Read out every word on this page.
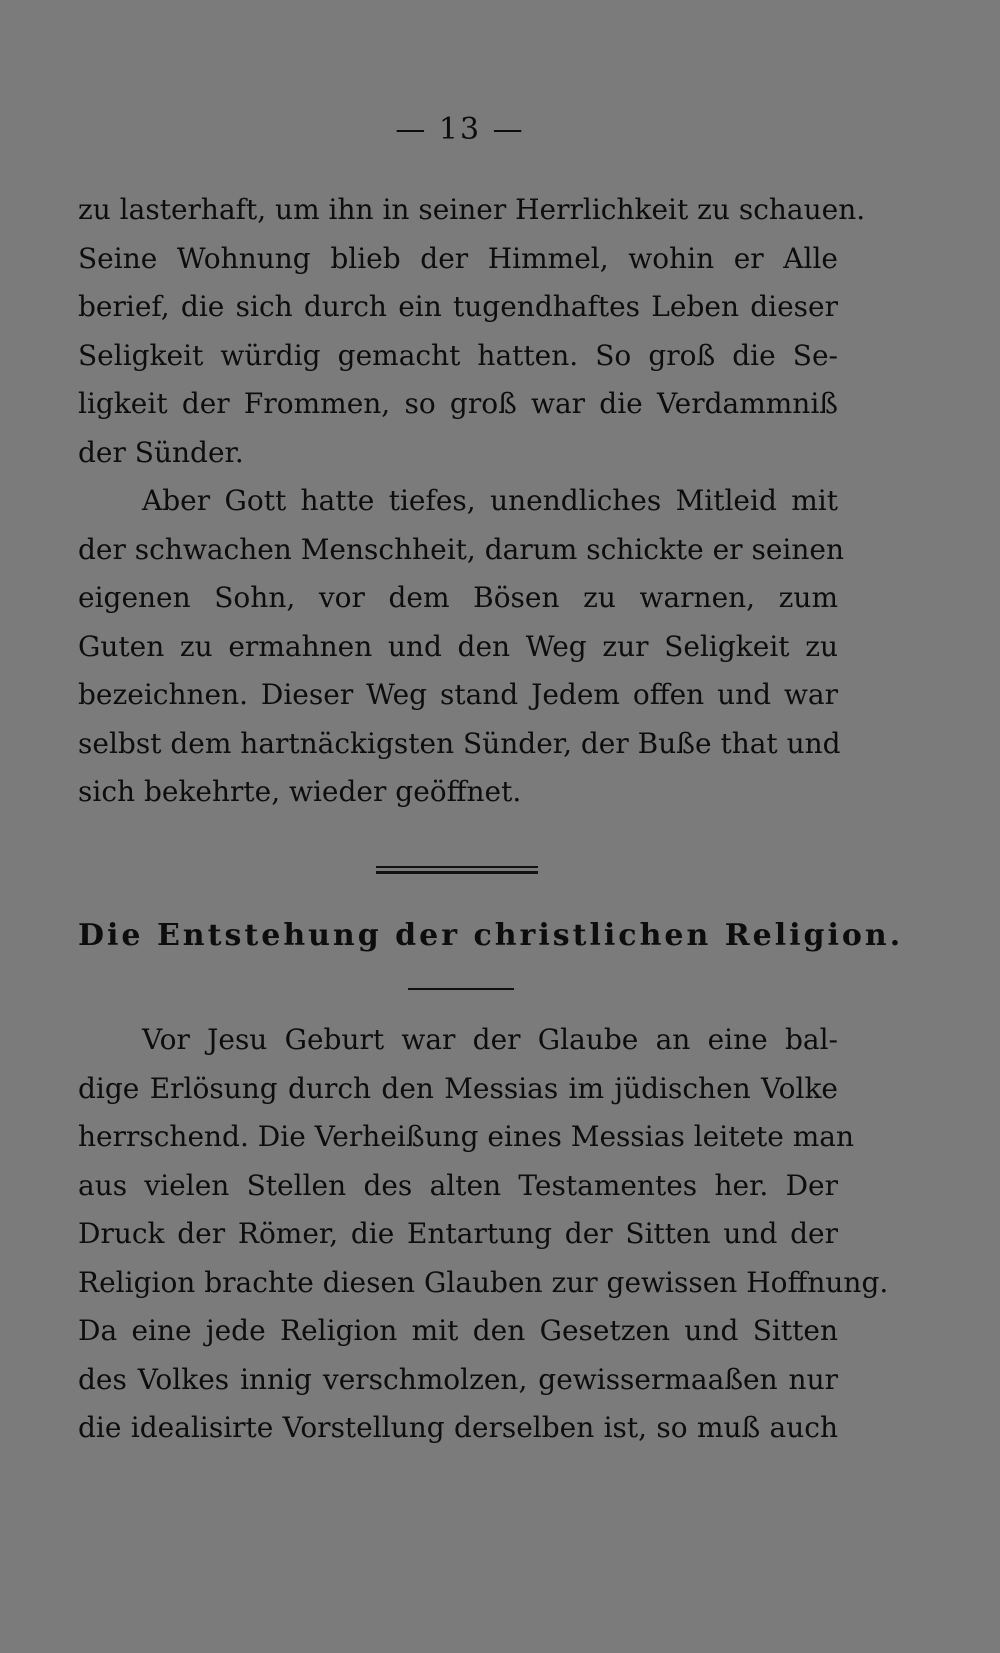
— 13 —
zu lasterhaft, um ihn in seiner Herrlichkeit zu schauen.
Seine Wohnung blieb der Himmel, wohin er Alle
berief, die sich durch ein tugendhaftes Leben dieser
Seligkeit würdig gemacht hatten. So groß die Se-
ligkeit der Frommen, so groß war die Verdammniß
der Sünder.
Aber Gott hatte tiefes, unendliches Mitleid mit
der schwachen Menschheit, darum schickte er seinen
eigenen Sohn, vor dem Bösen zu warnen, zum
Guten zu ermahnen und den Weg zur Seligkeit zu
bezeichnen. Dieser Weg stand Jedem offen und war
selbst dem hartnäckigsten Sünder, der Buße that und
sich bekehrte, wieder geöffnet.
Die Entstehung der christlichen Religion.
Vor Jesu Geburt war der Glaube an eine bal-
dige Erlösung durch den Messias im jüdischen Volke
herrschend. Die Verheißung eines Messias leitete man
aus vielen Stellen des alten Testamentes her. Der
Druck der Römer, die Entartung der Sitten und der
Religion brachte diesen Glauben zur gewissen Hoffnung.
Da eine jede Religion mit den Gesetzen und Sitten
des Volkes innig verschmolzen, gewissermaaßen nur
die idealisirte Vorstellung derselben ist, so muß auch
